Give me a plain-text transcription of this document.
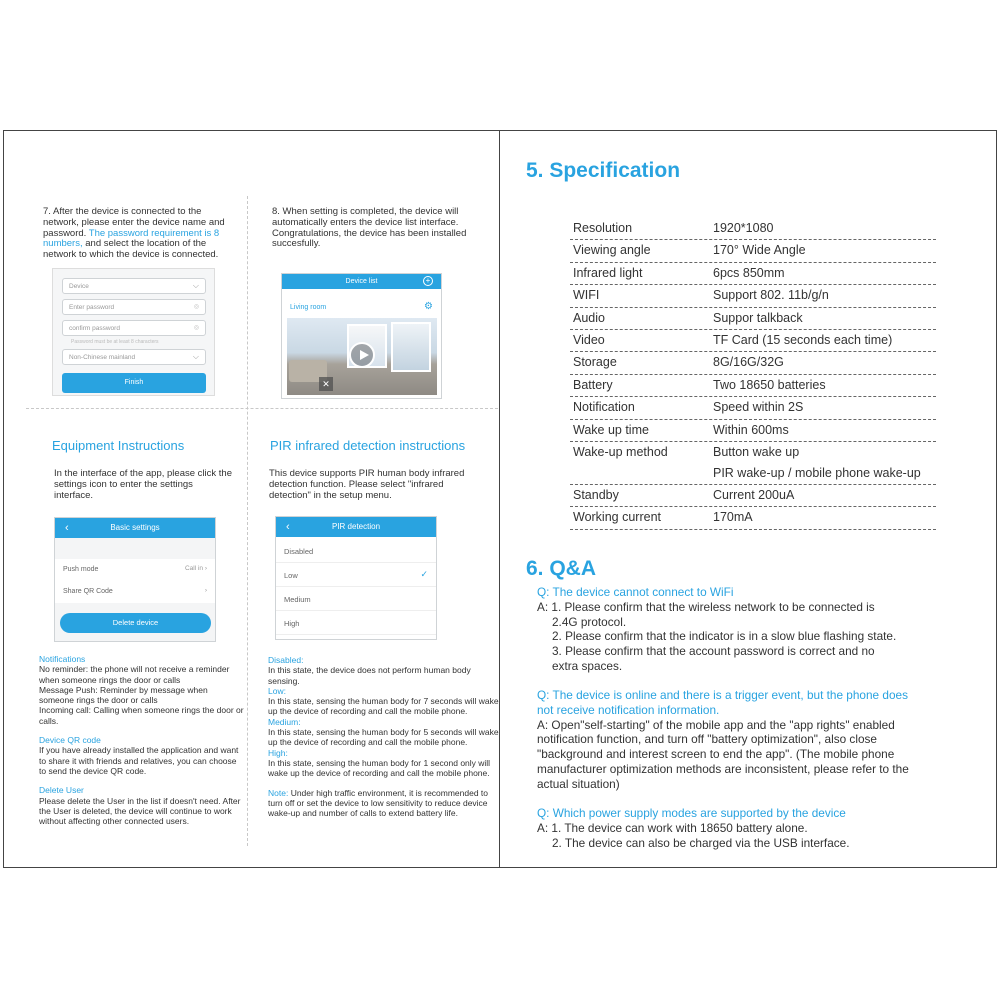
7. After the device is connected to the network, please enter the device name and password. The password requirement is 8 numbers, and select the location of the network to which the device is connected.
Device	⌵
Enter password	◎
confirm password	◎
Password must be at least 8 characters
Non-Chinese mainland	⌵
Finish
8. When setting is completed, the device will automatically enters the device list interface. Congratulations, the device has been installed succesfully.
Device list	+
Living room	⚙
✕
Equipment Instructions
In the interface of the app, please click the settings icon to enter the settings interface.
‹	Basic settings
Push mode	Call in ›
Share QR Code	›
Delete device
Notifications
No reminder: the phone will not receive a reminder when someone rings the door or calls
Message Push: Reminder by message when someone rings the door or calls
Incoming call: Calling when someone rings the door or calls.
Device QR code
If you have already installed the application and want to share it with friends and relatives, you can choose to send the device QR code.
Delete User
Please delete the User in the list if doesn't need. After the User is deleted, the device will continue to work without affecting other connected users.
PIR infrared detection instructions
This device supports PIR human body infrared detection function. Please select "infrared detection" in the setup menu.
‹	PIR detection
Disabled
Low	✓
Medium
High
Disabled:
In this state, the device does not perform human body sensing.
Low:
In this state, sensing the human body for 7 seconds will wake up the device of recording and call the mobile phone.
Medium:
In this state, sensing the human body for 5 seconds will wake up the device of recording and call the mobile phone.
High:
In this state, sensing the human body for 1 second only will wake up the device of recording and call the mobile phone.
Note: Under high traffic environment, it is recommended to turn off or set the device to low sensitivity to reduce device wake-up and number of calls to extend battery life.
5. Specification
Resolution	1920*1080
Viewing angle	170° Wide Angle
Infrared light	6pcs 850mm
WIFI	Support 802. 11b/g/n
Audio	Suppor talkback
Video	TF Card (15 seconds each time)
Storage	8G/16G/32G
Battery	Two 18650 batteries
Notification	Speed within 2S
Wake up time	Within 600ms
Wake-up method	Button wake up
PIR wake-up / mobile phone wake-up
Standby	Current 200uA
Working current	170mA
6. Q&A
Q: The device cannot connect to WiFi
A: 1. Please confirm that the wireless network to be connected is
2.4G protocol.
2. Please confirm that the indicator is in a slow blue flashing state.
3. Please confirm that the account password is correct and no
extra spaces.
Q: The device is online and there is a trigger event, but the phone does
not receive notification information.
A: Open"self-starting" of the mobile app and the "app rights" enabled notification function, and turn off "battery optimization", also close "background and interest screen to end the app". (The mobile phone manufacturer optimization methods are inconsistent, please refer to the actual situation)
Q: Which power supply modes are supported by the device
A: 1. The device can work with 18650 battery alone.
2. The device can also be charged via the USB interface.
